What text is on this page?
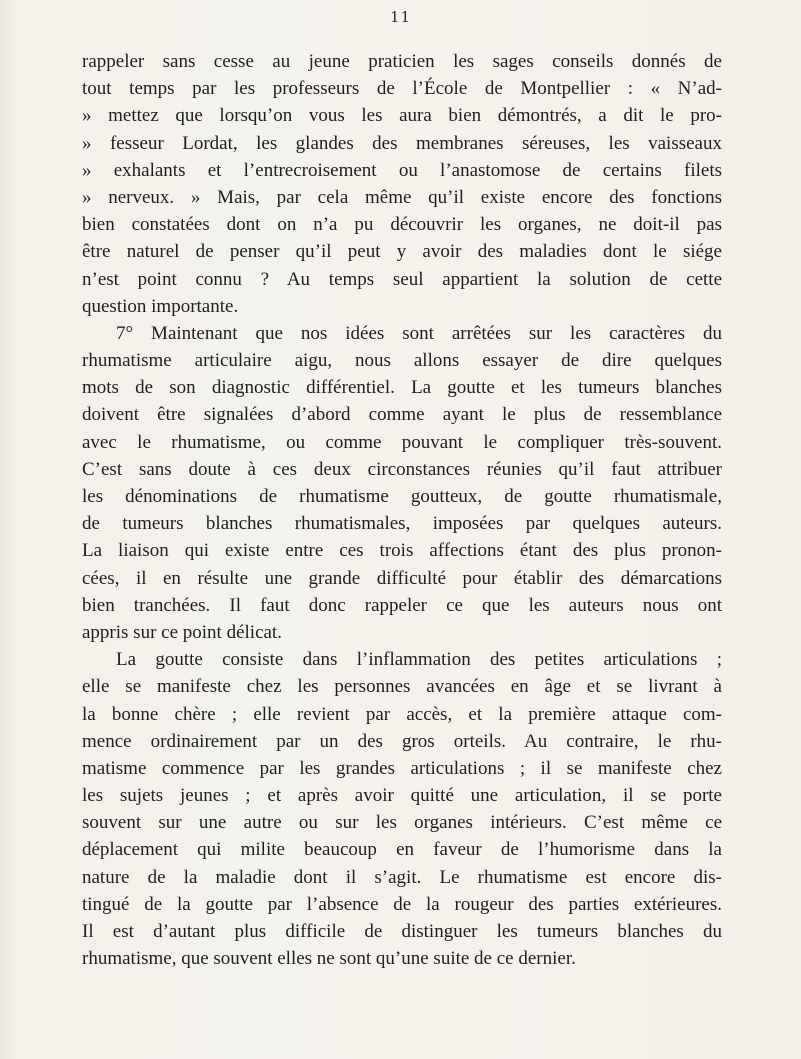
11
rappeler sans cesse au jeune praticien les sages conseils donnés de
tout temps par les professeurs de l’École de Montpellier : « N’ad-
» mettez que lorsqu’on vous les aura bien démontrés, a dit le pro-
» fesseur Lordat, les glandes des membranes séreuses, les vaisseaux
» exhalants et l’entrecroisement ou l’anastomose de certains filets
» nerveux. » Mais, par cela même qu’il existe encore des fonctions
bien constatées dont on n’a pu découvrir les organes, ne doit-il pas
être naturel de penser qu’il peut y avoir des maladies dont le siége
n’est point connu ? Au temps seul appartient la solution de cette
question importante.
7° Maintenant que nos idées sont arrêtées sur les caractères du
rhumatisme articulaire aigu, nous allons essayer de dire quelques
mots de son diagnostic différentiel. La goutte et les tumeurs blanches
doivent être signalées d’abord comme ayant le plus de ressemblance
avec le rhumatisme, ou comme pouvant le compliquer très-souvent.
C’est sans doute à ces deux circonstances réunies qu’il faut attribuer
les dénominations de rhumatisme goutteux, de goutte rhumatismale,
de tumeurs blanches rhumatismales, imposées par quelques auteurs.
La liaison qui existe entre ces trois affections étant des plus pronon-
cées, il en résulte une grande difficulté pour établir des démarcations
bien tranchées. Il faut donc rappeler ce que les auteurs nous ont
appris sur ce point délicat.
La goutte consiste dans l’inflammation des petites articulations ;
elle se manifeste chez les personnes avancées en âge et se livrant à
la bonne chère ; elle revient par accès, et la première attaque com-
mence ordinairement par un des gros orteils. Au contraire, le rhu-
matisme commence par les grandes articulations ; il se manifeste chez
les sujets jeunes ; et après avoir quitté une articulation, il se porte
souvent sur une autre ou sur les organes intérieurs. C’est même ce
déplacement qui milite beaucoup en faveur de l’humorisme dans la
nature de la maladie dont il s’agit. Le rhumatisme est encore dis-
tingué de la goutte par l’absence de la rougeur des parties extérieures.
Il est d’autant plus difficile de distinguer les tumeurs blanches du
rhumatisme, que souvent elles ne sont qu’une suite de ce dernier.
